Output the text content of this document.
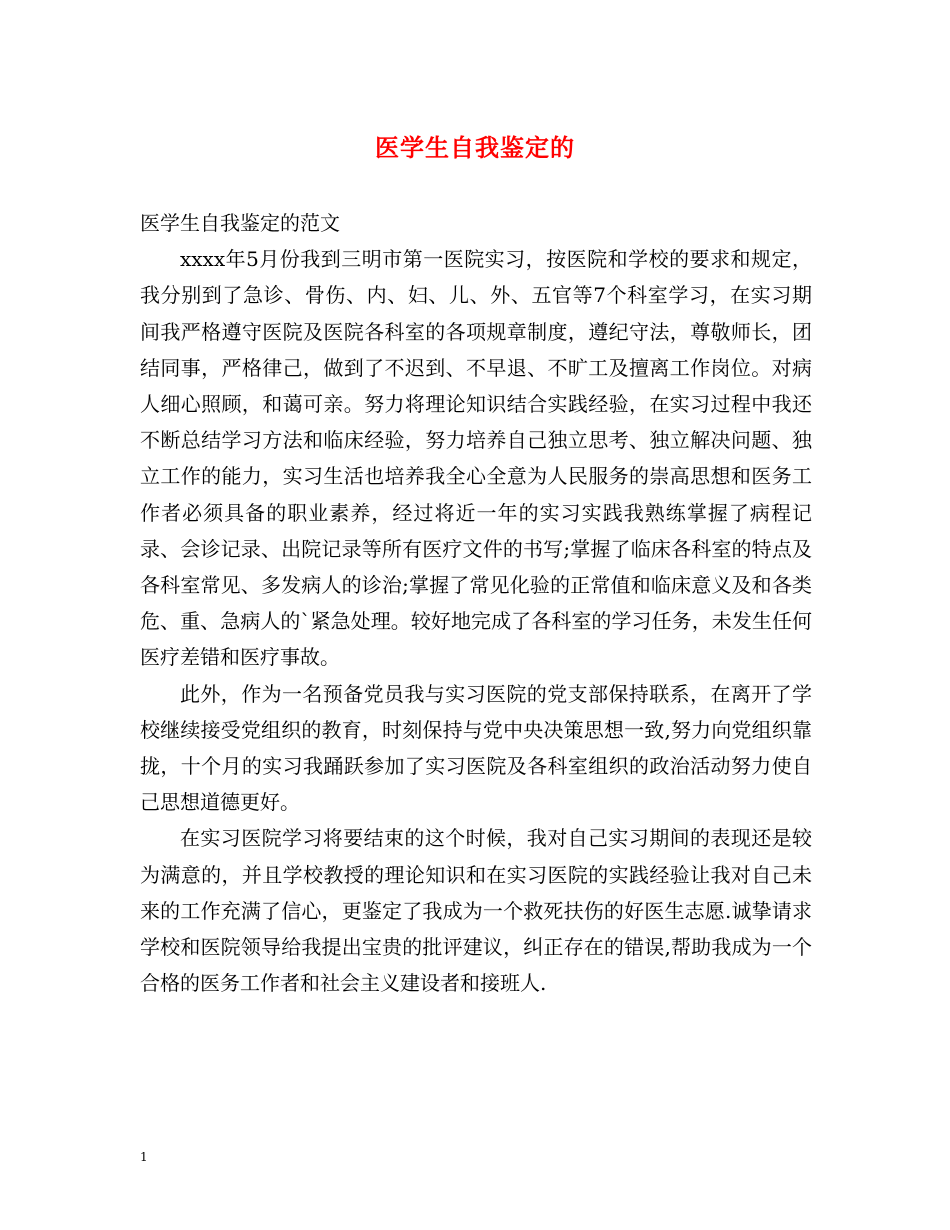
医学生自我鉴定的

医学生自我鉴定的范文

xxxx年5月份我到三明市第一医院实习，按医院和学校的要求和规定，我分别到了急诊、骨伤、内、妇、儿、外、五官等7个科室学习，在实习期间我严格遵守医院及医院各科室的各项规章制度，遵纪守法，尊敬师长，团结同事，严格律己，做到了不迟到、不早退、不旷工及擅离工作岗位。对病人细心照顾，和蔼可亲。努力将理论知识结合实践经验，在实习过程中我还不断总结学习方法和临床经验，努力培养自己独立思考、独立解决问题、独立工作的能力，实习生活也培养我全心全意为人民服务的崇高思想和医务工作者必须具备的职业素养，经过将近一年的实习实践我熟练掌握了病程记录、会诊记录、出院记录等所有医疗文件的书写;掌握了临床各科室的特点及各科室常见、多发病人的诊治;掌握了常见化验的正常值和临床意义及和各类危、重、急病人的`紧急处理。较好地完成了各科室的学习任务，未发生任何医疗差错和医疗事故。

此外，作为一名预备党员我与实习医院的党支部保持联系，在离开了学校继续接受党组织的教育，时刻保持与党中央决策思想一致,努力向党组织靠拢，十个月的实习我踊跃参加了实习医院及各科室组织的政治活动努力使自己思想道德更好。

在实习医院学习将要结束的这个时候，我对自己实习期间的表现还是较为满意的，并且学校教授的理论知识和在实习医院的实践经验让我对自己未来的工作充满了信心，更鉴定了我成为一个救死扶伤的好医生志愿.诚挚请求学校和医院领导给我提出宝贵的批评建议，纠正存在的错误,帮助我成为一个合格的医务工作者和社会主义建设者和接班人.

1
